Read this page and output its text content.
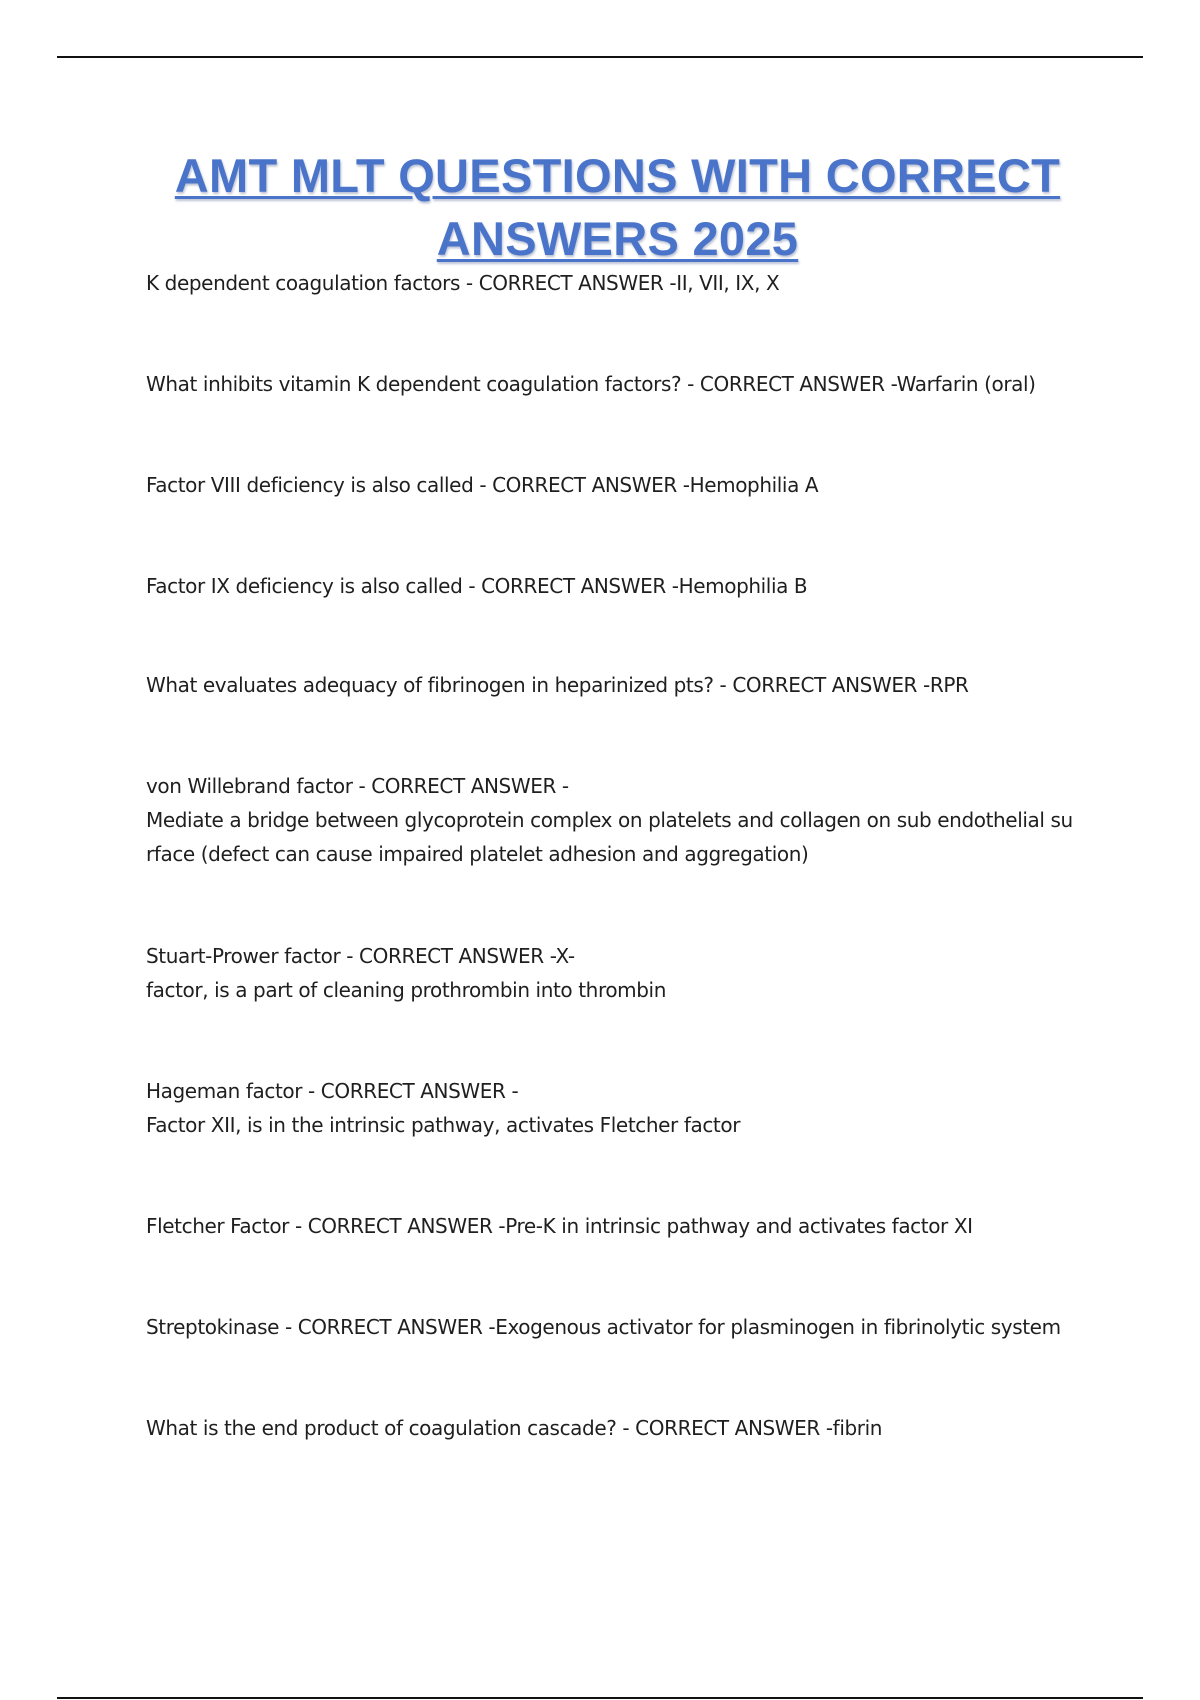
AMT MLT QUESTIONS WITH CORRECT
ANSWERS 2025
K dependent coagulation factors - CORRECT ANSWER -II, VII, IX, X
What inhibits vitamin K dependent coagulation factors? - CORRECT ANSWER -Warfarin (oral)
Factor VIII deficiency is also called - CORRECT ANSWER -Hemophilia A
Factor IX deficiency is also called - CORRECT ANSWER -Hemophilia B
What evaluates adequacy of fibrinogen in heparinized pts? - CORRECT ANSWER -RPR
von Willebrand factor - CORRECT ANSWER -
Mediate a bridge between glycoprotein complex on platelets and collagen on sub endothelial su
rface (defect can cause impaired platelet adhesion and aggregation)
Stuart-Prower factor - CORRECT ANSWER -X-
factor, is a part of cleaning prothrombin into thrombin
Hageman factor - CORRECT ANSWER -
Factor XII, is in the intrinsic pathway, activates Fletcher factor
Fletcher Factor - CORRECT ANSWER -Pre-K in intrinsic pathway and activates factor XI
Streptokinase - CORRECT ANSWER -Exogenous activator for plasminogen in fibrinolytic system
What is the end product of coagulation cascade? - CORRECT ANSWER -fibrin
